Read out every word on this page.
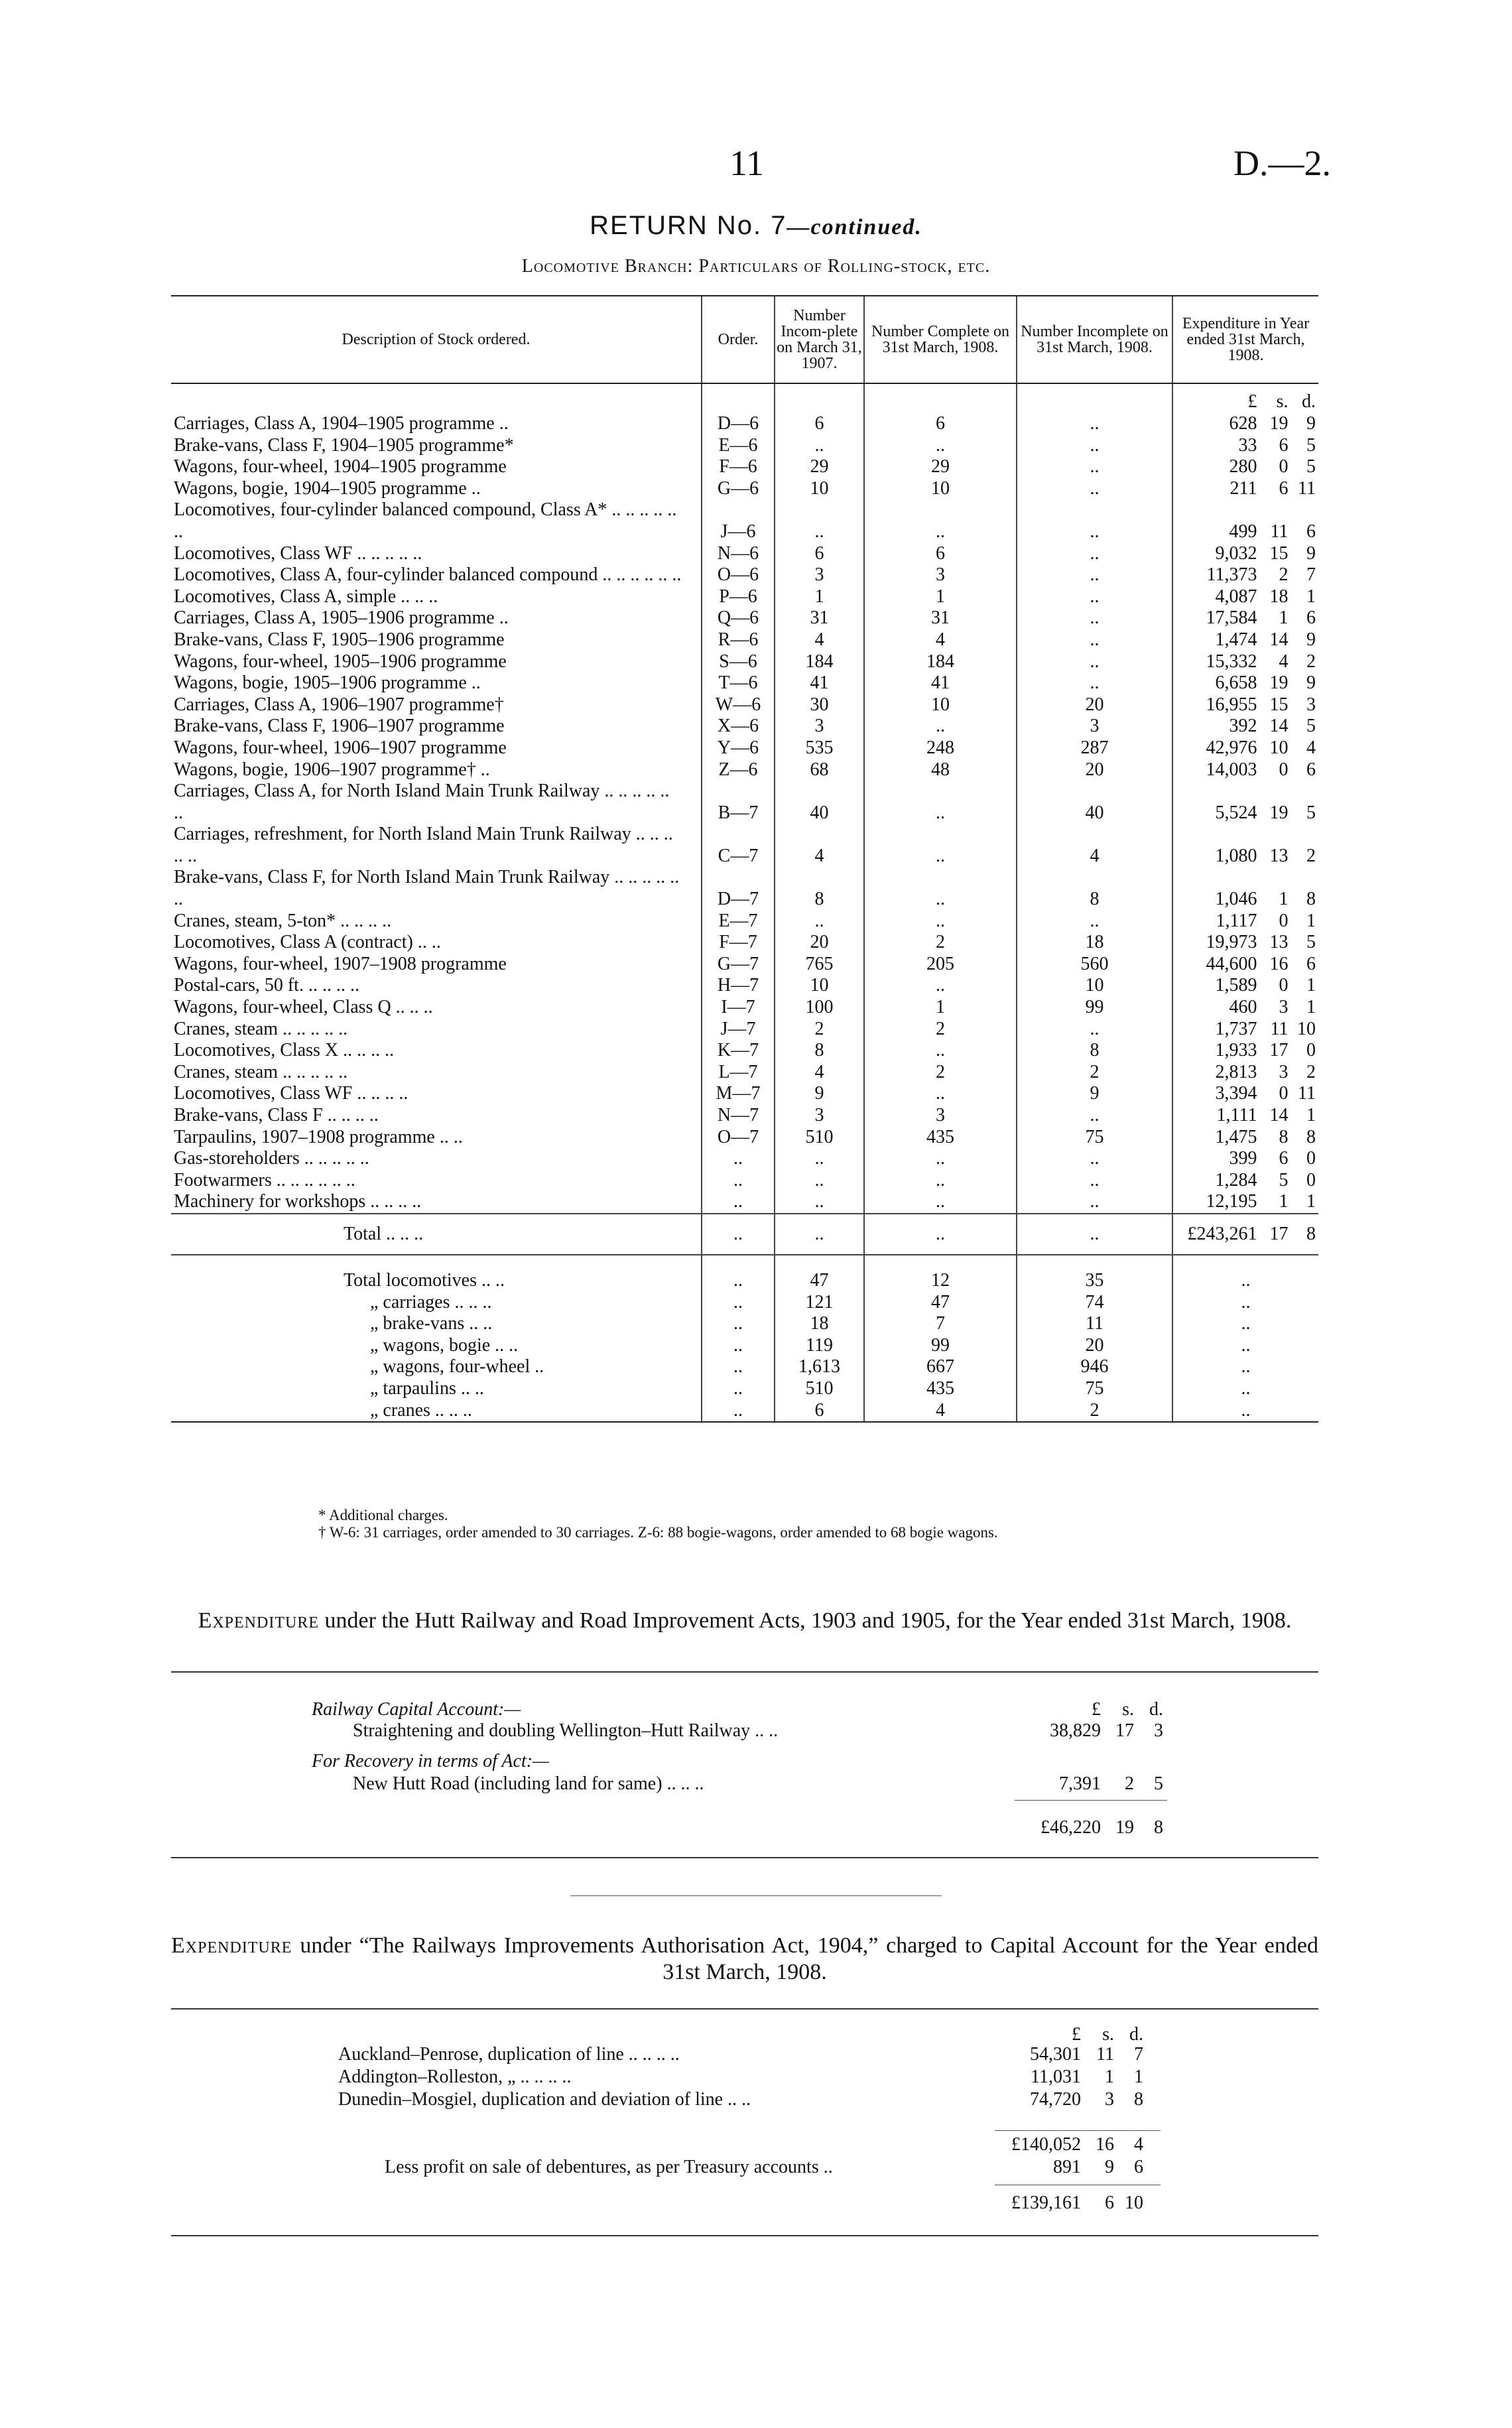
11	D.—2.
RETURN No. 7—continued.
Locomotive Branch: Particulars of Rolling-stock, etc.
Description of Stock ordered.	Order.	Number Incom-plete on March 31, 1907.	Number Complete on 31st March, 1908.	Number Incomplete on 31st March, 1908.	Expenditure in Year ended 31st March, 1908.

					£ s. d.

Carriages, Class A, 1904–1905 programme ..	D—6	6	6	..	628 19 9

Brake-vans, Class F, 1904–1905 programme*	E—6	..	..	..	33 6 5

Wagons, four-wheel, 1904–1905 programme	F—6	29	29	..	280 0 5

Wagons, bogie, 1904–1905 programme ..	G—6	10	10	..	211 6 11

Locomotives, four-cylinder balanced compound, Class A* .. .. .. .. .. ..	J—6	..	..	..	499 11 6

Locomotives, Class WF .. .. .. .. ..	N—6	6	6	..	9,032 15 9

Locomotives, Class A, four-cylinder balanced compound .. .. .. .. .. ..	O—6	3	3	..	11,373 2 7

Locomotives, Class A, simple .. .. ..	P—6	1	1	..	4,087 18 1

Carriages, Class A, 1905–1906 programme ..	Q—6	31	31	..	17,584 1 6

Brake-vans, Class F, 1905–1906 programme	R—6	4	4	..	1,474 14 9

Wagons, four-wheel, 1905–1906 programme	S—6	184	184	..	15,332 4 2

Wagons, bogie, 1905–1906 programme ..	T—6	41	41	..	6,658 19 9

Carriages, Class A, 1906–1907 programme†	W—6	30	10	20	16,955 15 3

Brake-vans, Class F, 1906–1907 programme	X—6	3	..	3	392 14 5

Wagons, four-wheel, 1906–1907 programme	Y—6	535	248	287	42,976 10 4

Wagons, bogie, 1906–1907 programme† ..	Z—6	68	48	20	14,003 0 6

Carriages, Class A, for North Island Main Trunk Railway .. .. .. .. .. ..	B—7	40	..	40	5,524 19 5

Carriages, refreshment, for North Island Main Trunk Railway .. .. .. .. ..	C—7	4	..	4	1,080 13 2

Brake-vans, Class F, for North Island Main Trunk Railway .. .. .. .. .. ..	D—7	8	..	8	1,046 1 8

Cranes, steam, 5-ton* .. .. .. ..	E—7	..	..	..	1,117 0 1

Locomotives, Class A (contract) .. ..	F—7	20	2	18	19,973 13 5

Wagons, four-wheel, 1907–1908 programme	G—7	765	205	560	44,600 16 6

Postal-cars, 50 ft. .. .. .. ..	H—7	10	..	10	1,589 0 1

Wagons, four-wheel, Class Q .. .. ..	I—7	100	1	99	460 3 1

Cranes, steam .. .. .. .. ..	J—7	2	2	..	1,737 11 10

Locomotives, Class X .. .. .. ..	K—7	8	..	8	1,933 17 0

Cranes, steam .. .. .. .. ..	L—7	4	2	2	2,813 3 2

Locomotives, Class WF .. .. .. ..	M—7	9	..	9	3,394 0 11

Brake-vans, Class F .. .. .. ..	N—7	3	3	..	1,111 14 1

Tarpaulins, 1907–1908 programme .. ..	O—7	510	435	75	1,475 8 8

Gas-storeholders .. .. .. .. ..	..	..	..	..	399 6 0

Footwarmers .. .. .. .. .. ..	..	..	..	..	1,284 5 0

Machinery for workshops .. .. .. ..	..	..	..	..	12,195 1 1

Total .. .. ..	..	..	..	..	£243,261 17 8

Total locomotives .. ..	..	47	12	35	..
„ carriages .. .. ..	..	121	47	74	..
„ brake-vans .. ..	..	18	7	11	..
„ wagons, bogie .. ..	..	119	99	20	..
„ wagons, four-wheel ..	..	1,613	667	946	..
„ tarpaulins .. ..	..	510	435	75	..
„ cranes .. .. ..	..	6	4	2	..
* Additional charges.
† W-6: 31 carriages, order amended to 30 carriages. Z-6: 88 bogie-wagons, order amended to 68 bogie wagons.
Expenditure under the Hutt Railway and Road Improvement Acts, 1903 and 1905, for the Year ended 31st March, 1908.
Railway Capital Account:—	£	s. d.
Straightening and doubling Wellington–Hutt Railway .. ..	38,829 17	3
For Recovery in terms of Act:—
New Hutt Road (including land for same) .. .. ..	7,391	2	5
£46,220 19	8
Expenditure under “The Railways Improvements Authorisation Act, 1904,” charged to Capital Account for the Year ended 31st March, 1908.
£	s. d.
Auckland–Penrose, duplication of line .. .. .. ..	54,301 11	7
Addington–Rolleston, „ .. .. .. ..	11,031	1	1
Dunedin–Mosgiel, duplication and deviation of line .. ..	74,720	3	8
£140,052 16	4
Less profit on sale of debentures, as per Treasury accounts ..	891	9	6
£139,161	6 10
